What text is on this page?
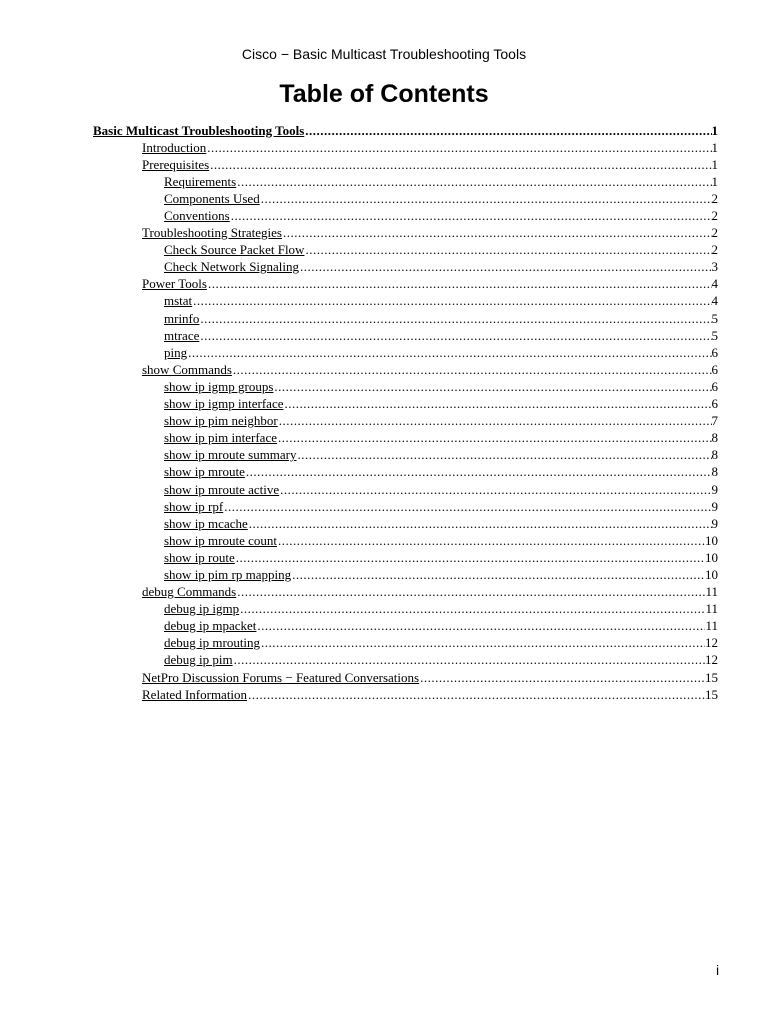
Cisco − Basic Multicast Troubleshooting Tools
Table of Contents
Basic Multicast Troubleshooting Tools .....	1
Introduction .....	1
Prerequisites .....	1
Requirements .....	1
Components Used .....	2
Conventions .....	2
Troubleshooting Strategies .....	2
Check Source Packet Flow .....	2
Check Network Signaling .....	3
Power Tools .....	4
mstat .....	4
mrinfo .....	5
mtrace .....	5
ping .....	6
show Commands .....	6
show ip igmp groups .....	6
show ip igmp interface .....	6
show ip pim neighbor .....	7
show ip pim interface .....	8
show ip mroute summary .....	8
show ip mroute .....	8
show ip mroute active .....	9
show ip rpf .....	9
show ip mcache .....	9
show ip mroute count .....	10
show ip route .....	10
show ip pim rp mapping .....	10
debug Commands .....	11
debug ip igmp .....	11
debug ip mpacket .....	11
debug ip mrouting .....	12
debug ip pim .....	12
NetPro Discussion Forums − Featured Conversations .....	15
Related Information .....	15
i
